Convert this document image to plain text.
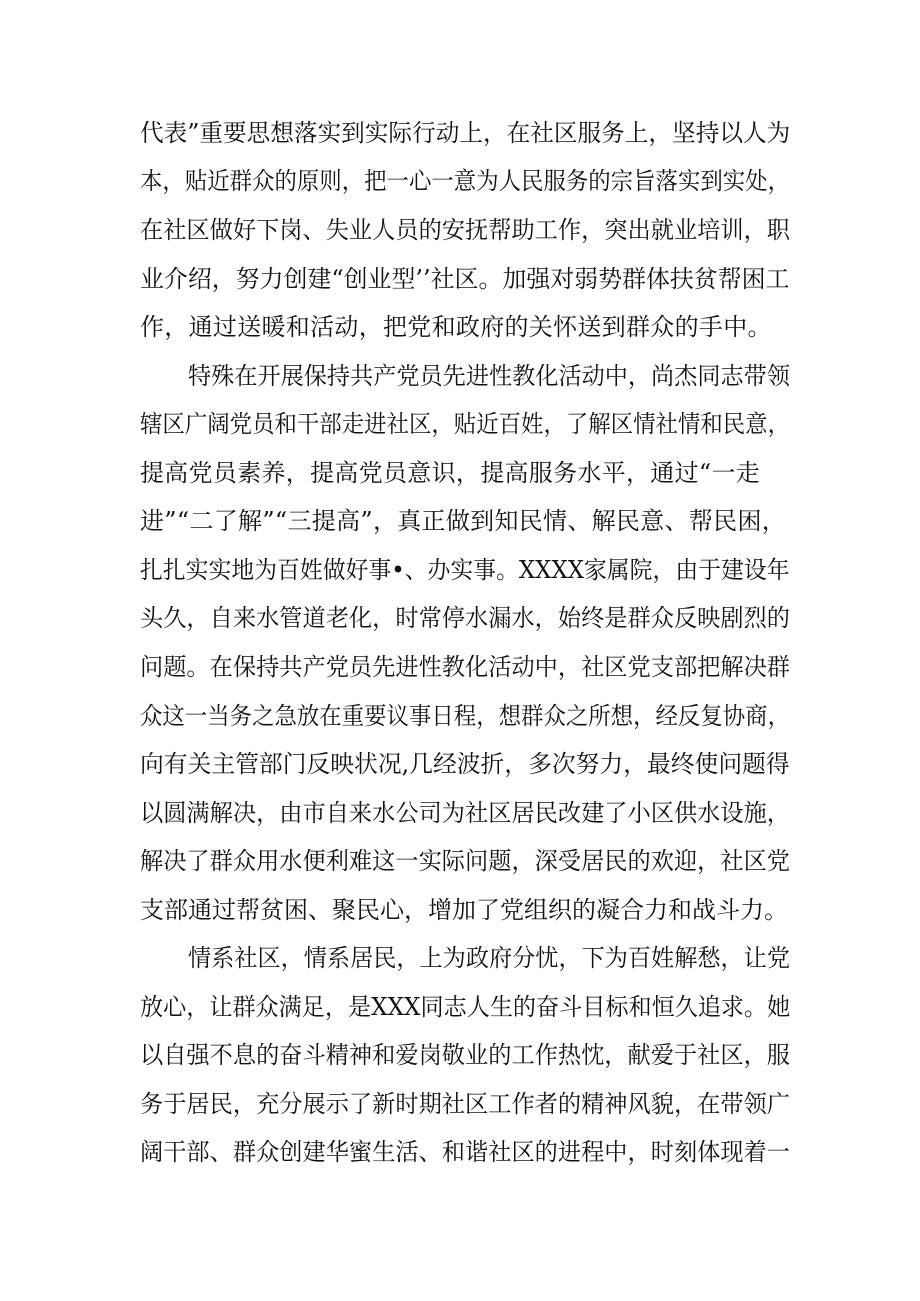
代表”重要思想落实到实际行动上，在社区服务上，坚持以人为
本，贴近群众的原则，把一心一意为人民服务的宗旨落实到实处，
在社区做好下岗、失业人员的安抚帮助工作，突出就业培训，职
业介绍，努力创建“创业型’’社区。加强对弱势群体扶贫帮困工
作，通过送暖和活动，把党和政府的关怀送到群众的手中。
特殊在开展保持共产党员先进性教化活动中，尚杰同志带领
辖区广阔党员和干部走进社区，贴近百姓，了解区情社情和民意，
提高党员素养，提高党员意识，提高服务水平，通过“一走
进”“二了解”“三提高”，真正做到知民情、解民意、帮民困，
扎扎实实地为百姓做好事•、办实事。XXXX家属院，由于建设年
头久，自来水管道老化，时常停水漏水，始终是群众反映剧烈的
问题。在保持共产党员先进性教化活动中，社区党支部把解决群
众这一当务之急放在重要议事日程，想群众之所想，经反复协商，
向有关主管部门反映状况,几经波折，多次努力，最终使问题得
以圆满解决，由市自来水公司为社区居民改建了小区供水设施，
解决了群众用水便利难这一实际问题，深受居民的欢迎，社区党
支部通过帮贫困、聚民心，增加了党组织的凝合力和战斗力。
情系社区，情系居民，上为政府分忧，下为百姓解愁，让党
放心，让群众满足，是XXX同志人生的奋斗目标和恒久追求。她
以自强不息的奋斗精神和爱岗敬业的工作热忱，献爱于社区，服
务于居民，充分展示了新时期社区工作者的精神风貌，在带领广
阔干部、群众创建华蜜生活、和谐社区的进程中，时刻体现着一
